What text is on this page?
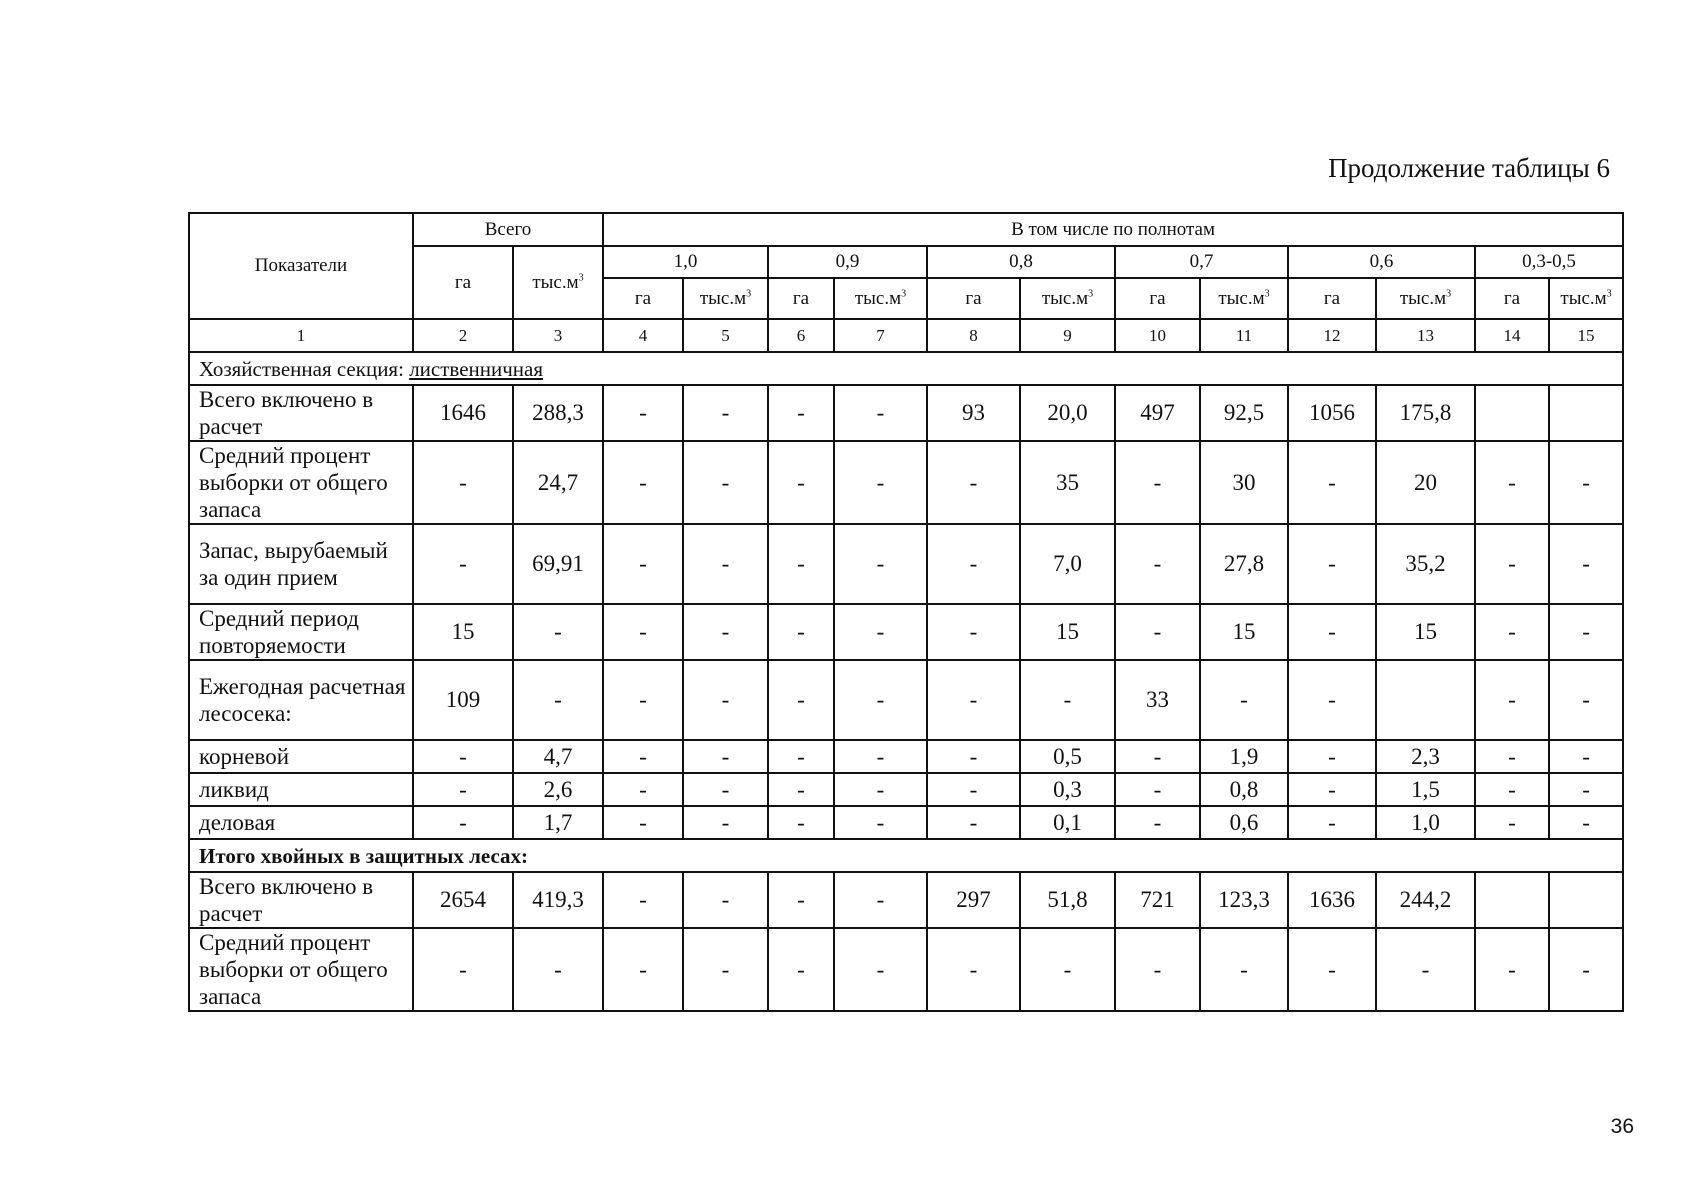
Продолжение таблицы 6
Показатели	Всего		В том числе по полнотам											
	га	$тыс.м^3$	1,0		0,9		0,8		0,7		0,6		0,3-0,5	
			га	$тыс.м^3$	га	$тыс.м^3$	га	$тыс.м^3$	га	$тыс.м^3$	га	$тыс.м^3$	га	$тыс.м^3$
1	2	3	4	5	6	7	8	9	10	11	12	13	14	15
Хозяйственная секция: лиственничная														
Всего включено в расчет	1646	288,3	-	-	-	-	93	20,0	497	92,5	1056	175,8		
Средний процент выборки от общего запаса	-	24,7	-	-	-	-	-	35	-	30	-	20	-	-
Запас, вырубаемый за один прием	-	69,91	-	-	-	-	-	7,0	-	27,8	-	35,2	-	-
Средний период повторяемости	15	-	-	-	-	-	-	15	-	15	-	15	-	-
Ежегодная расчетная лесосека:	109	-	-	-	-	-	-	-	33	-	-		-	-
корневой	-	4,7	-	-	-	-	-	0,5	-	1,9	-	2,3	-	-
ликвид	-	2,6	-	-	-	-	-	0,3	-	0,8	-	1,5	-	-
деловая	-	1,7	-	-	-	-	-	0,1	-	0,6	-	1,0	-	-
Итого хвойных в защитных лесах:														
Всего включено в расчет	2654	419,3	-	-	-	-	297	51,8	721	123,3	1636	244,2		
Средний процент выборки от общего запаса	-	-	-	-	-	-	-	-	-	-	-	-	-	-
36
